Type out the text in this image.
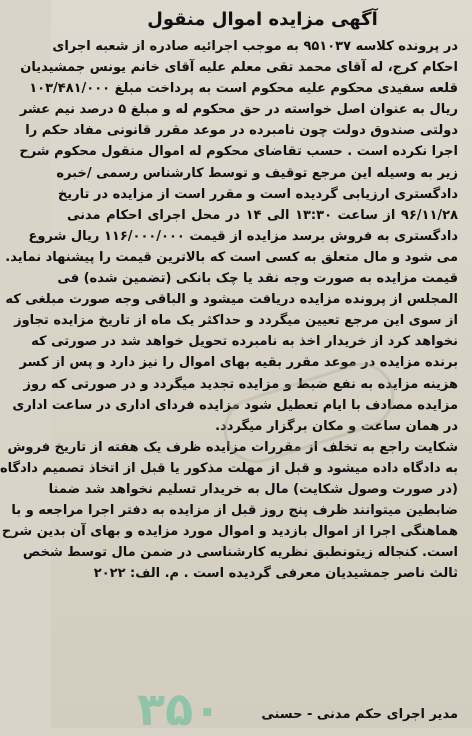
آگهی مزایده اموال منقول
در پرونده کلاسه ۹۵۱۰۳۷ به موجب اجرائیه صادره از شعبه اجرای
احکام کرج، له آقای محمد تقی معلم علیه آقای خانم یونس جمشیدیان
قلعه سفیدی محکوم علیه محکوم است به پرداخت مبلغ ۱۰۳/۴۸۱/۰۰۰
ریال به عنوان اصل خواسته در حق محکوم له و مبلغ ۵ درصد نیم عشر
دولتی صندوق دولت چون نامبرده در موعد مقرر قانونی مفاد حکم را
اجرا نکرده است . حسب تقاضای محکوم له اموال منقول محکوم شرح
زیر به وسیله این مرجع توقیف و توسط کارشناس رسمی /خبره
دادگستری ارزیابی گردیده است و مقرر است از مزایده در تاریخ
۹۶/۱۱/۲۸ از ساعت ۱۳:۳۰ الی ۱۴ در محل اجرای احکام مدنی
دادگستری به فروش برسد مزایده از قیمت ۱۱۶/۰۰۰/۰۰۰ ریال شروع
می شود و مال متعلق به کسی است که بالاترین قیمت را پیشنهاد نماید.
قیمت مزایده به صورت وجه نقد یا چک بانکی (تضمین شده) فی
المجلس از پرونده مزایده دریافت میشود و الباقی وجه صورت مبلغی که
از سوی این مرجع تعیین میگردد و حداکثر یک ماه از تاریخ مزایده تجاوز
نخواهد کرد از خریدار اخذ به نامبرده تحویل خواهد شد در صورتی که
برنده مزایده در موعد مقرر بقیه بهای اموال را نیز دارد و پس از کسر
هزینه مزایده به نفع ضبط و مزایده تجدید میگردد و در صورتی که روز
مزایده مصادف با ایام تعطیل شود مزایده فردای اداری در ساعت اداری
در همان ساعت و مکان برگزار میگردد.
شکایت راجع به تخلف از مقررات مزایده ظرف یک هفته از تاریخ فروش
به دادگاه داده میشود و قبل از مهلت مذکور یا قبل از اتخاذ تصمیم دادگاه
(در صورت وصول شکایت) مال به خریدار تسلیم نخواهد شد ضمنا
ضابطین میتوانند ظرف پنج روز قبل از مزایده به دفتر اجرا مراجعه و با
هماهنگی اجرا از اموال بازدید و اموال مورد مزایده و بهای آن بدین شرح
است. کنجاله زیتونطبق نظریه کارشناسی در ضمن مال توسط شخص
ثالث ناصر جمشیدیان معرفی گردیده است . م. الف: ۲۰۲۲
۳۵۰	مدیر اجرای حکم مدنی - حسنی
